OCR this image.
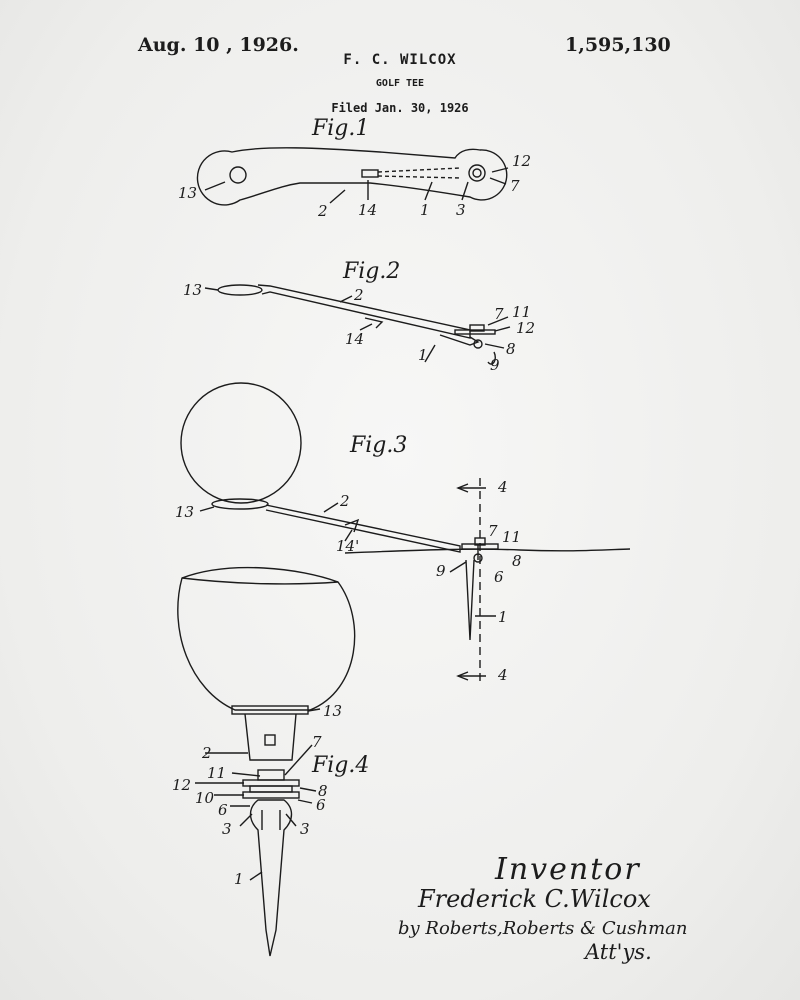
Aug. 10 , 1926.	1,595,130
F. C. WILCOX
GOLF TEE
Filed Jan. 30, 1926
Fig.1
Fig.2
Fig.3
Fig.4
13
2 14	1 3
12
7
13	2
14
1
7 11
12
8
9
13
2
14'
4
7 11
8
9	6
1
4
13
2
7
11
12
10	8
6	6
3	3
1	Inventor
Frederick C.Wilcox
by Roberts,Roberts & Cushman
Att'ys.
